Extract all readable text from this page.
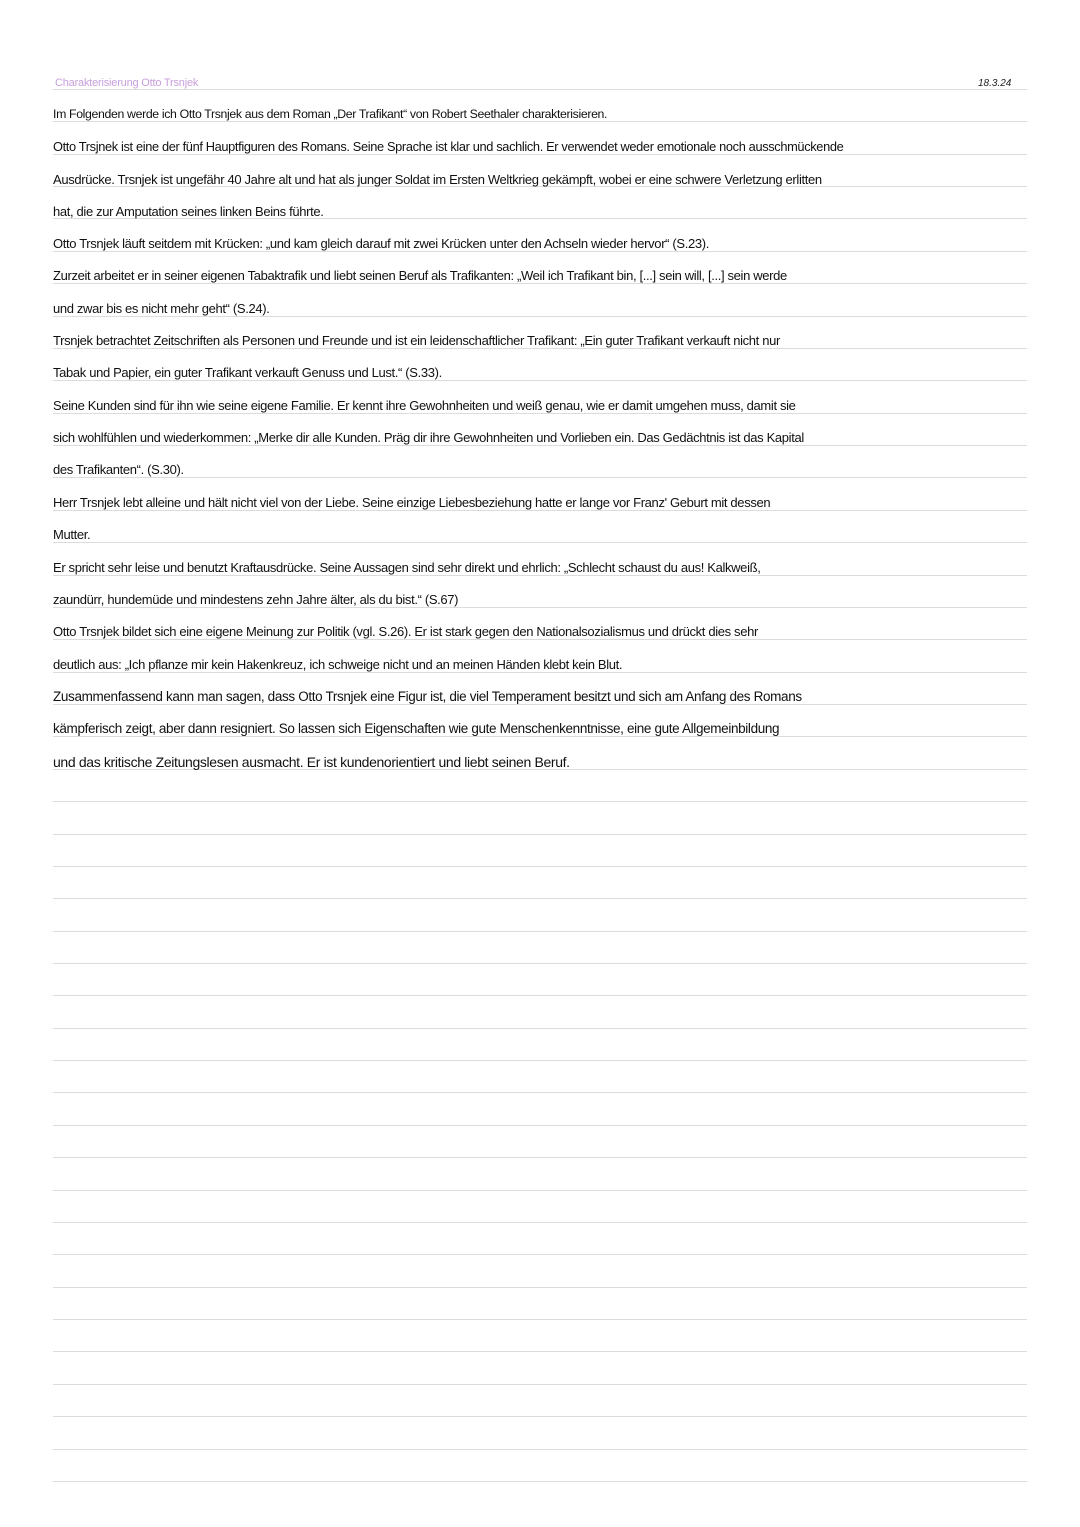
Charakterisierung Otto Trsnjek	18.3.24
Im Folgenden werde ich Otto Trsnjek aus dem Roman „Der Trafikant“ von Robert Seethaler charakterisieren.
Otto Trsjnek ist eine der fünf Hauptfiguren des Romans. Seine Sprache ist klar und sachlich. Er verwendet weder emotionale noch ausschmückende
Ausdrücke. Trsnjek ist ungefähr 40 Jahre alt und hat als junger Soldat im Ersten Weltkrieg gekämpft, wobei er eine schwere Verletzung erlitten
hat, die zur Amputation seines linken Beins führte.
Otto Trsnjek läuft seitdem mit Krücken: „und kam gleich darauf mit zwei Krücken unter den Achseln wieder hervor“ (S.23).
Zurzeit arbeitet er in seiner eigenen Tabaktrafik und liebt seinen Beruf als Trafikanten: „Weil ich Trafikant bin, [...] sein will, [...] sein werde
und zwar bis es nicht mehr geht“ (S.24).
Trsnjek betrachtet Zeitschriften als Personen und Freunde und ist ein leidenschaftlicher Trafikant: „Ein guter Trafikant verkauft nicht nur
Tabak und Papier, ein guter Trafikant verkauft Genuss und Lust.“ (S.33).
Seine Kunden sind für ihn wie seine eigene Familie. Er kennt ihre Gewohnheiten und weiß genau, wie er damit umgehen muss, damit sie
sich wohlfühlen und wiederkommen: „Merke dir alle Kunden. Präg dir ihre Gewohnheiten und Vorlieben ein. Das Gedächtnis ist das Kapital
des Trafikanten“. (S.30).
Herr Trsnjek lebt alleine und hält nicht viel von der Liebe. Seine einzige Liebesbeziehung hatte er lange vor Franz' Geburt mit dessen
Mutter.
Er spricht sehr leise und benutzt Kraftausdrücke. Seine Aussagen sind sehr direkt und ehrlich: „Schlecht schaust du aus! Kalkweiß,
zaundürr, hundemüde und mindestens zehn Jahre älter, als du bist.“ (S.67)
Otto Trsnjek bildet sich eine eigene Meinung zur Politik (vgl. S.26). Er ist stark gegen den Nationalsozialismus und drückt dies sehr
deutlich aus: „Ich pflanze mir kein Hakenkreuz, ich schweige nicht und an meinen Händen klebt kein Blut.
Zusammenfassend kann man sagen, dass Otto Trsnjek eine Figur ist, die viel Temperament besitzt und sich am Anfang des Romans
kämpferisch zeigt, aber dann resigniert. So lassen sich Eigenschaften wie gute Menschenkenntnisse, eine gute Allgemeinbildung
und das kritische Zeitungslesen ausmacht. Er ist kundenorientiert und liebt seinen Beruf.
